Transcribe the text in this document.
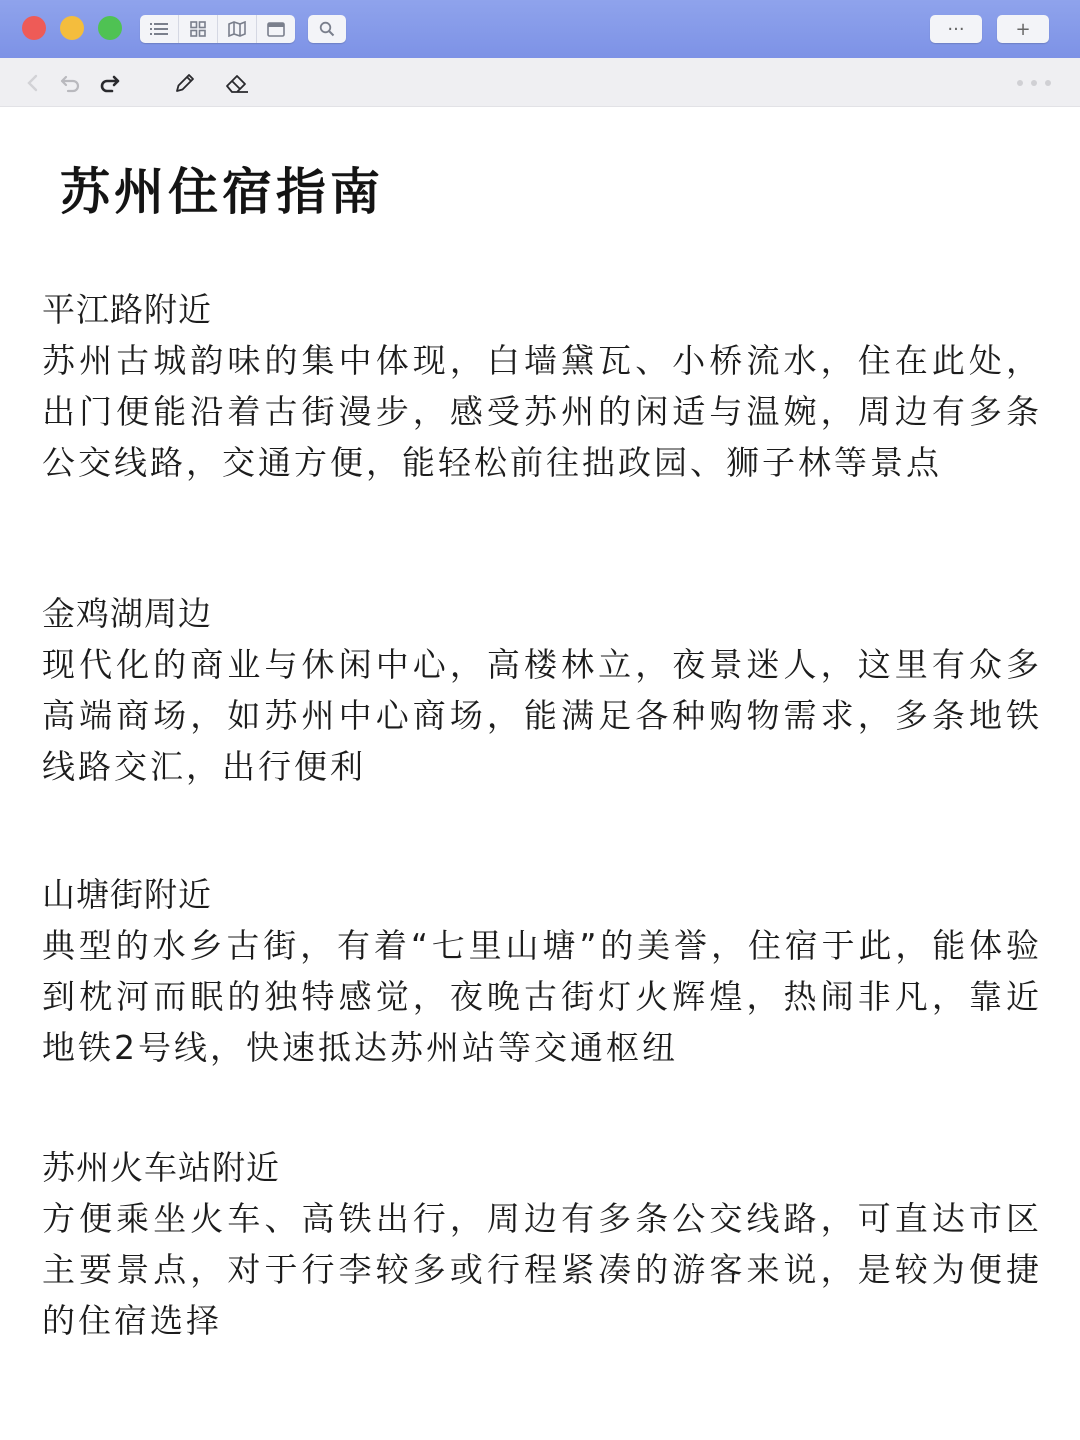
···	+
苏州住宿指南

平江路附近

苏州古城韵味的集中体现，白墙黛瓦、小桥流水，住在此处，出门便能沿着古街漫步，感受苏州的闲适与温婉，周边有多条公交线路，交通方便，能轻松前往拙政园、狮子林等景点

金鸡湖周边

现代化的商业与休闲中心，高楼林立，夜景迷人，这里有众多高端商场，如苏州中心商场，能满足各种购物需求，多条地铁线路交汇，出行便利

山塘街附近

典型的水乡古街，有着“七里山塘”的美誉，住宿于此，能体验到枕河而眠的独特感觉，夜晚古街灯火辉煌，热闹非凡，靠近地铁2号线，快速抵达苏州站等交通枢纽

苏州火车站附近

方便乘坐火车、高铁出行，周边有多条公交线路，可直达市区主要景点，对于行李较多或行程紧凑的游客来说，是较为便捷的住宿选择
